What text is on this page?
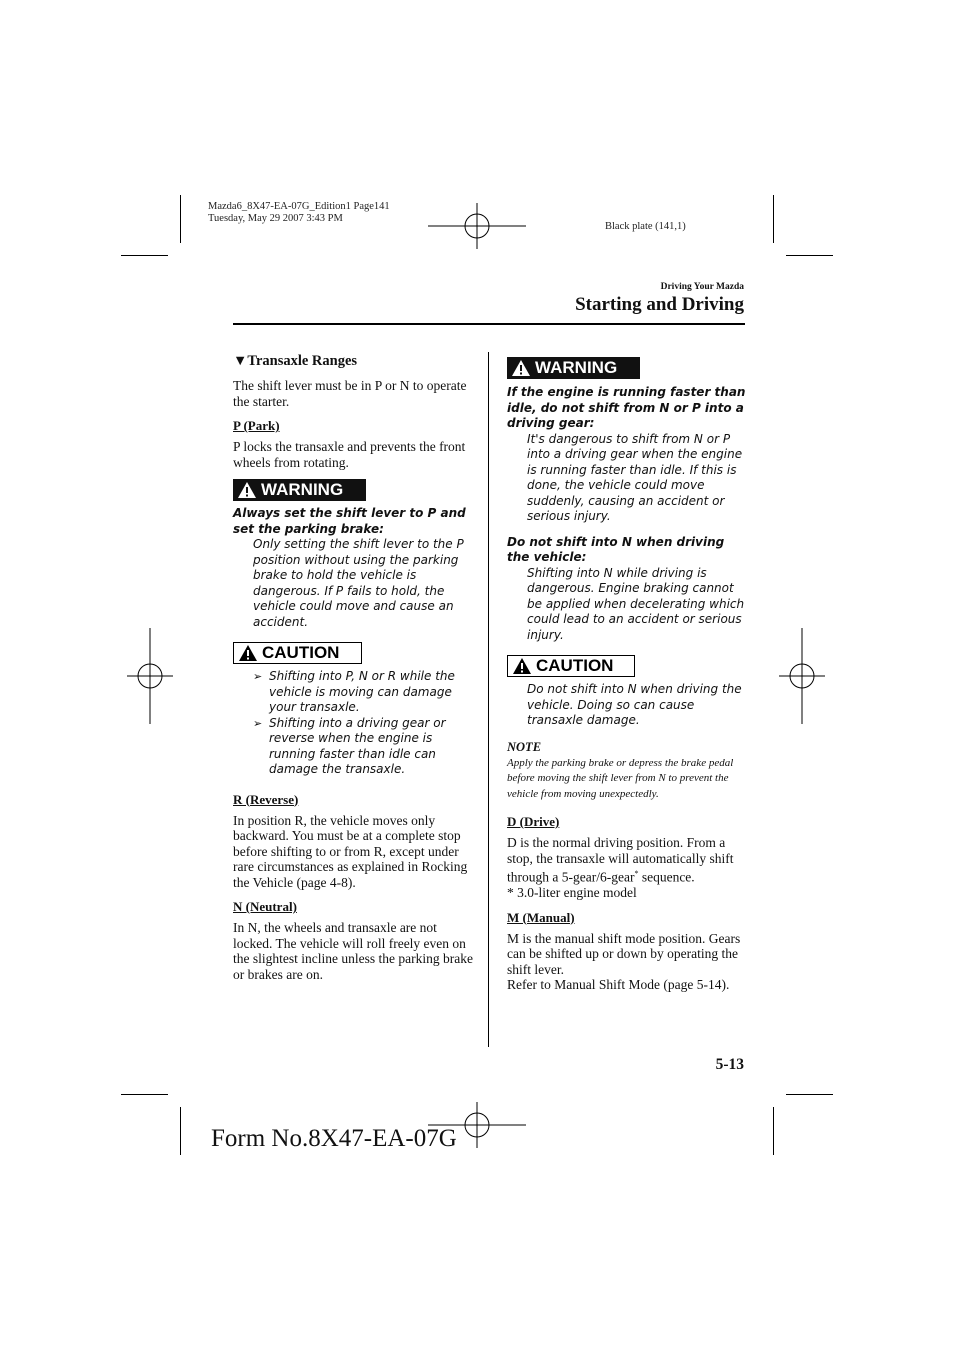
Mazda6_8X47-EA-07G_Edition1 Page141
Tuesday, May 29 2007 3:43 PM
Black plate (141,1)
Driving Your Mazda
Starting and Driving

▼Transaxle Ranges

The shift lever must be in P or N to operate the starter.

P (Park)

P locks the transaxle and prevents the front wheels from rotating.

WARNING

Always set the shift lever to P and set the parking brake:

Only setting the shift lever to the P position without using the parking brake to hold the vehicle is dangerous. If P fails to hold, the vehicle could move and cause an accident.

CAUTION
➢ Shifting into P, N or R while the vehicle is moving can damage your transaxle.
➢ Shifting into a driving gear or reverse when the engine is running faster than idle can damage the transaxle.

R (Reverse)

In position R, the vehicle moves only backward. You must be at a complete stop before shifting to or from R, except under rare circumstances as explained in Rocking the Vehicle (page 4-8).

N (Neutral)

In N, the wheels and transaxle are not locked. The vehicle will roll freely even on the slightest incline unless the parking brake or brakes are on.

WARNING

If the engine is running faster than idle, do not shift from N or P into a driving gear:

It's dangerous to shift from N or P into a driving gear when the engine is running faster than idle. If this is done, the vehicle could move suddenly, causing an accident or serious injury.

Do not shift into N when driving the vehicle:

Shifting into N while driving is dangerous. Engine braking cannot be applied when decelerating which could lead to an accident or serious injury.

CAUTION

Do not shift into N when driving the vehicle. Doing so can cause transaxle damage.

NOTE

Apply the parking brake or depress the brake pedal before moving the shift lever from N to prevent the vehicle from moving unexpectedly.

D (Drive)

D is the normal driving position. From a stop, the transaxle will automatically shift through a 5-gear/6-gear* sequence.

* 3.0-liter engine model

M (Manual)

M is the manual shift mode position. Gears can be shifted up or down by operating the shift lever.

Refer to Manual Shift Mode (page 5-14).

5-13
Form No.8X47-EA-07G
